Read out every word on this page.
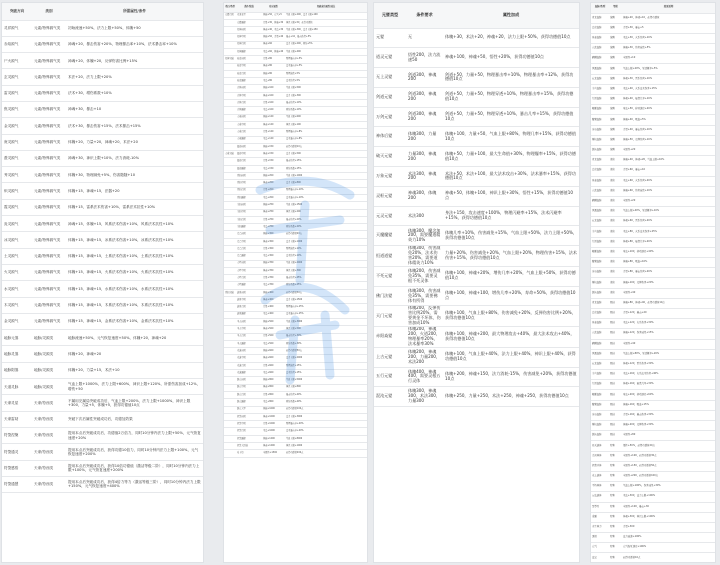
突破方向	类别	所需属性/条件
灵祥源气	元素/特殊源气类	初始流速+50%，法力上限+50%，体魄+50
赤焰源气	元素/特殊源气类	神魂+20，暴击伤害+20%，物理暴击率+10%，法术暴击率+10%
尸火源气	元素/特殊源气类	神魂+20，体魄+20，反弹伤害比例+15%
玄灵源气	元素/特殊源气类	术法+20，法力上限+20%
雷灵源气	元素/特殊源气类	法术+30，增伤系数+10%
焦灵源气	元素/特殊源气类	神魂+30，暴击+10
金灵源气	元素/特殊源气类	法术+30，暴击伤害+15%，法术暴击+15%
庚灵源气	元素/特殊源气类	体魄+20，力量+20，神魂+20，术法+20
澄灵源气	元素/特殊源气类	神魂+30，神识上限+10%，法力消耗-10%
秀灵源气	元素/特殊源气类	体魄+30，物理减免+5%，伤害随随+10
炽灵源气	元素/特殊源气类	体魄+15，神魂+15，法器+20
霞灵源气	元素/特殊源气类	体魄+15，雷系法术伤害+10%，雷系法术抗性+10%
炎灵源气	元素/特殊源气类	神魂+15，体魄+15，风系法术伤害+10%，风系法术抗性+10%
冰灵源气	元素/特殊源气类	体魄+15，神魂+15，冰系法术伤害+10%，冰系法术抗性+10%
土灵源气	元素/特殊源气类	体魄+15，神魂+15，土系法术伤害+10%，土系法术抗性+10%
火灵源气	元素/特殊源气类	体魄+15，神魂+15，火系法术伤害+10%，火系法术抗性+10%
水灵源气	元素/特殊源气类	体魄+15，神魂+15，水系法术伤害+10%，水系法术抗性+10%
木灵源气	元素/特殊源气类	体魄+15，神魂+15，木系法术伤害+10%，木系法术抗性+10%
金灵源气	元素/特殊源气类	体魄+15，神魂+15，金系法术伤害+10%，金系法术抗性+10%
地脉元煞	地脉/灵源类	地脉流速+50%，元气恢复速度+50%，体魄+20，神魂+20
地脉灵煞	地脉/灵源类	体魄+20，神魂+20
地脉阴煞	地脉/灵源类	体魄+20，力量+15，术法+10
天道灵脉	地脉/灵源类	气血上限+1000%，法力上限+600%，神识上限+120%，所需伤害加成+12%，增伤+50
天命灵星	天命/符西类	不属用完属局突破成功后，气血上限+200%，法力上限+1000%，神识上限+300，力量+5，体魄+5，获得功德值10点
天命雷劫	天命/符西类	突破下次后属性突破成功后，功德加效果
符箓涅槃	天命/符西类	提用本点后突破成功后，功德值2万倍力，同时10分钟内法力上限+50%，元气恢复速度+20%
符箓通灵	天命/符西类	提用本点后突破成功后，获得功德10倍力，同时10分钟内法力上限+100%，元气恢复速度+200%
符箓感悟	天命/符西类	提用本点后突破成功后，获得10倍功德值（激活等级二阶），同时10分钟内法力上限+100%，元气恢复速度+200%
符箓通慧	天命/符西类	提用本点后突破成功后，获得4倍力等力（激活等级三阶），同时10分钟内法力上限+150%，元气恢复速度+400%
类目/类型	条件/阶段	对应属性	突破成功属性/成长
元婴后期	天命灵星	体魄+50，元气+5	气血上限+200，法力上限+100
	元婴巅峰	力量+30，体魄+30	神识上限+50，获得功德值
	化神初期	神魂+40，术法+30	气血上限+300，法力上限+150
	化神中期	体魄+50，力量+40	暴击+10，暴击伤害+5%
	化神后期	神魂+60	法力上限+200，增伤+5%
	化神巅峰	术法+60，体魄+40	气血上限+400
化神突破	练虚初期	力量+80	物理暴击率+5%
	练虚中期	神魂+80	法术暴击率+5%
	练虚后期	体魄+80	物理减免+5%
	练虚巅峰	术法+80	法术伤害+5%
	合体初期	体魄+100	气血上限+500
	合体中期	神魂+100	法力上限+300
	合体后期	力量+100	暴击伤害+10%
	合体巅峰	术法+100	增伤系数+10%
	大乘初期	体魄+120	气血上限+600
	大乘中期	神魂+120	神识上限+100
	大乘后期	力量+120	物理暴击率+8%
	大乘巅峰	术法+120	法术暴击率+8%
	渡劫初期	体魄+150	获得功德值10点
大乘突破	渡劫中期	神魂+150	法力上限+500
	渡劫后期	力量+150	暴击伤害+15%
	渡劫巅峰	术法+150	增伤系数+15%
	真仙初期	体魄+200	气血上限+1000
	真仙中期	神魂+200	法力上限+800
	真仙后期	力量+200	物理暴击率+10%
	真仙巅峰	术法+200	法术暴击率+10%
	金仙初期	体魄+250	气血上限+1500
	金仙中期	神魂+250	神识上限+200
	金仙后期	力量+250	暴击伤害+20%
	金仙巅峰	术法+250	增伤系数+20%
	太乙初期	体魄+300	获得功德值20点
	太乙中期	神魂+300	法力上限+1000
	太乙后期	力量+300	物理减免+10%
	太乙巅峰	术法+300	法术伤害+10%
	大罗初期	体魄+350	气血上限+2000
	大罗中期	神魂+350	神识上限+300
	大罗后期	力量+350	暴击伤害+25%
	大罗巅峰	术法+350	增伤系数+25%
真仙突破	道祖初期	体魄+400	获得功德值30点
	道祖中期	神魂+400	法力上限+1500
	道祖后期	力量+400	物理暴击率+15%
	道祖巅峰	术法+400	法术暴击率+15%
	圣人初期	体魄+500	气血上限+3000
	圣人中期	神魂+500	神识上限+500
	圣人后期	力量+500	暴击伤害+30%
	圣人巅峰	术法+500	增伤系数+30%
	天道初期	体魄+600	获得功德值50点
	天道中期	神魂+600	法力上限+2000
	天道后期	力量+600	物理减免+15%
	天道巅峰	术法+600	法术伤害+15%
	混元初期	体魄+800	气血上限+5000
	混元中期	神魂+800	神识上限+800
	混元后期	力量+800	暴击伤害+40%
	混元巅峰	术法+800	增伤系数+40%
	混元大罗	体魄+1000	获得功德值100点
	鸿蒙初期	神魂+1000	法力上限+3000
	鸿蒙中期	力量+1000	物理暴击率+20%
	鸿蒙后期	术法+1000	法术暴击率+20%
	鸿蒙巅峰	体魄+1200	气血上限+8000
	鸿蒙大圆满	神魂+1200	神识上限+1000
	无上境	全属性+1500	获得功德值200点
元婴类型	条件要求	属性加成
元婴	无	体魄+30，术法+20，神魂+20，法力上限+50%，获得功德值10点
道灵元婴	悟性200，法力流速50	神魂+100，神魂+50，悟性+20%，获得功德值10点
无上灵婴	剑道300，神魂200	剑道+50，力量+50，物理暴击率+10%，物理暴击率+12%，获得功德值10点
剑道元婴	剑道300，神魂200	剑道+50，力量+50，物理穿透+10%，物理暴击率+15%，获得功德值10点
万剑元婴	剑道300，神魂200	剑道+50，力量+50，物理穿透+10%，暴击几率+15%，获得功德值10点
神体后婴	体魄300，力量200	体魄+100，力量+50，气血上限+80%，物理几率+15%，获得功德值10点
破灭元婴	力量300，神魂200	体魄+50，力量+100，最大生命值+30%，物理爆率+15%，获得功德值10点
万象元婴	术法300，神魂200	术法+50，术法+100，最大法术攻击+30%，法术暴率+15%，获得功德值10点
灵枢元婴	神魂300，体魄200	神魂+50，体魄+100，神识上限+30%，悟性+15%，获得功德值10点
元灵元婴	术法300	身法+150，攻击速度+100%，物理闪避率+15%，法术闪避率+15%，获得功德值10点
天魔魔婴	体魄300，魔念加200，需要魔道精英力10%	体魄几率+10%，伤害减免+15%，气血上限+50%，法力上限+50%，获得功德值10点
恒道道婴	体魄300，伤害减免20%，法术伤害20%，需要道体精英力10%	力量+20%，伤害减免+20%，气血上限+20%，物理伤害+15%，法术伤害+15%，获得功德值10点
不死元婴	体魄200，伤害减免35%，需要灵根不死灵体	体魄+100，神魂+20%，增伤几率+20%，气血上限+50%，获得功德值10点
佛门法婴	体魄300，伤害减免35%，需要佛体有所得	体魄+100，神魂+100，增伤几率+20%，寿命+50%，获得功德值10点
天门元婴	体魄200，反弹伤害比例20%，需要黄金不坏体，伤害加成10%	体魄+100，气血上限+80%，伤害减免+20%，反弹伤害比例+20%，获得功德值10点
赤阳焱婴	体魄200，神魂200，火道200，物理暴率20%，法术暴率30%	体魄+100，神魂+200，最大物理攻击+40%，最大法术攻击+40%，获得功德值10点
上古元婴	体魄200，神魂200，力量200，术法200	体魄+100，气血上限+40%，法力上限+40%，神识上限+40%，获得功德值10点
五行元婴	体魄400，神魂400，需要灵根五行灵体	体魄+200，神魂+150，法力消耗-15%，伤害减免+20%，获得功德值10点
混沌元婴	体魄300，神魂300，术法300，力量300	体魄+250，力量+250，术法+250，神魂+250，获得功德值10点
血脉/类型	等阶	效果说明
青龙血脉	觉醒	体魄+20，神魂+10，获得功德值
白虎血脉	觉醒	力量+30，暴击+5
朱雀血脉	觉醒	术法+30，火系伤害+10%
玄武血脉	觉醒	体魄+30，伤害减免+5%
麒麟血脉	觉醒	全属性+10
凤凰血脉	觉醒	气血上限+20%，复活概率+5%
应龙血脉	觉醒	神魂+30，雷系伤害+10%
金乌血脉	觉醒	术法+40，火系法术伤害+15%
九尾血脉	觉醒	神魂+40，魅惑几率+10%
鲲鹏血脉	觉醒	身法+50，移动速度+20%
饕餮血脉	觉醒	体魄+40，吸血+5%
穷奇血脉	觉醒	力量+40，暴击伤害+10%
梼杌血脉	觉醒	体魄+50，反弹伤害+10%
混沌血脉	觉醒	全属性+20
青龙血脉	进阶	体魄+40，神魂+20，气血上限+10%
白虎血脉	进阶	力量+60，暴击+10
朱雀血脉	进阶	术法+60，火系伤害+20%
玄武血脉	进阶	体魄+60，伤害减免+10%
麒麟血脉	进阶	全属性+20
凤凰血脉	进阶	气血上限+40%，复活概率+10%
应龙血脉	进阶	神魂+60，雷系伤害+20%
金乌血脉	进阶	术法+80，火系法术伤害+25%
九尾血脉	进阶	神魂+80，魅惑几率+20%
鲲鹏血脉	进阶	身法+100，移动速度+40%
饕餮血脉	进阶	体魄+80，吸血+10%
穷奇血脉	进阶	力量+80，暴击伤害+20%
梼杌血脉	进阶	体魄+100，反弹伤害+20%
混沌血脉	进阶	全属性+40
青龙血脉	圆满	体魄+80，神魂+40，获得功德值10点
白虎血脉	圆满	力量+120，暴击+20
朱雀血脉	圆满	术法+120，火系伤害+30%
玄武血脉	圆满	体魄+120，伤害减免+15%
麒麟血脉	圆满	全属性+40
凤凰血脉	圆满	气血上限+80%，复活概率+20%
应龙血脉	圆满	神魂+120，雷系伤害+30%
金乌血脉	圆满	术法+160，火系法术伤害+40%
九尾血脉	圆满	神魂+160，魅惑几率+30%
鲲鹏血脉	圆满	身法+200，移动速度+60%
饕餮血脉	圆满	体魄+160，吸血+15%
穷奇血脉	圆满	力量+160，暴击伤害+30%
梼杌血脉	圆满	体魄+200，反弹伤害+30%
混沌血脉	圆满	全属性+80
先天道体	特殊	悟性+50%，获得功德值20点
太初神体	特殊	全属性+100，获得功德值30点
鸿蒙圣体	特殊	全属性+150，获得功德值50点
无上道体	特殊	全属性+200，获得功德值100点
不朽神体	特殊	气血上限+100%，伤害减免+30%
万法道体	特殊	术法+300，法力上限+100%
至尊骨	特殊	全属性+100，暴击+30
重瞳	特殊	神魂+300，神识上限+100%
天生神力	特殊	力量+300
灵根	特殊	法力流速+100%
元气	特殊	元气恢复速度+100%
法宝	特殊	获得功德值10点
